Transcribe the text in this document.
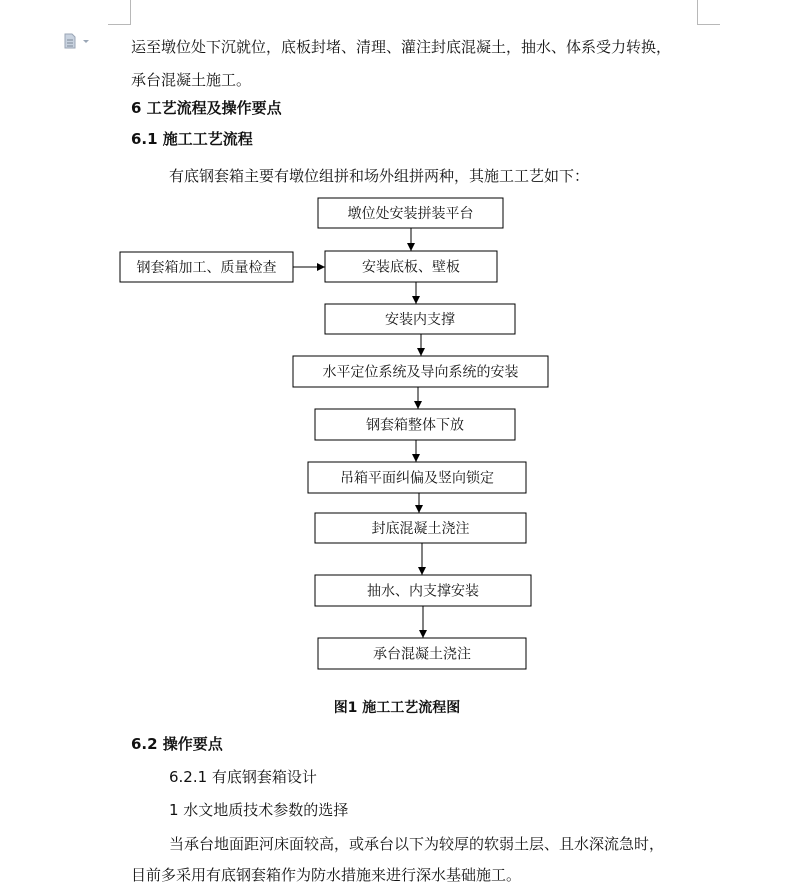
运至墩位处下沉就位，底板封堵、清理、灌注封底混凝土，抽水、体系受力转换，
承台混凝土施工。
6 工艺流程及操作要点
6.1 施工工艺流程
有底钢套箱主要有墩位组拼和场外组拼两种，其施工工艺如下：
墩位处安装拼装平台
安装底板、壁板
安装内支撑
水平定位系统及导向系统的安装
钢套箱整体下放
吊箱平面纠偏及竖向锁定
封底混凝土浇注
抽水、内支撑安装
承台混凝土浇注
钢套箱加工、质量检查
图1 施工工艺流程图
6.2 操作要点
6.2.1 有底钢套箱设计
1 水文地质技术参数的选择
当承台地面距河床面较高，或承台以下为较厚的软弱土层、且水深流急时，
目前多采用有底钢套箱作为防水措施来进行深水基础施工。
